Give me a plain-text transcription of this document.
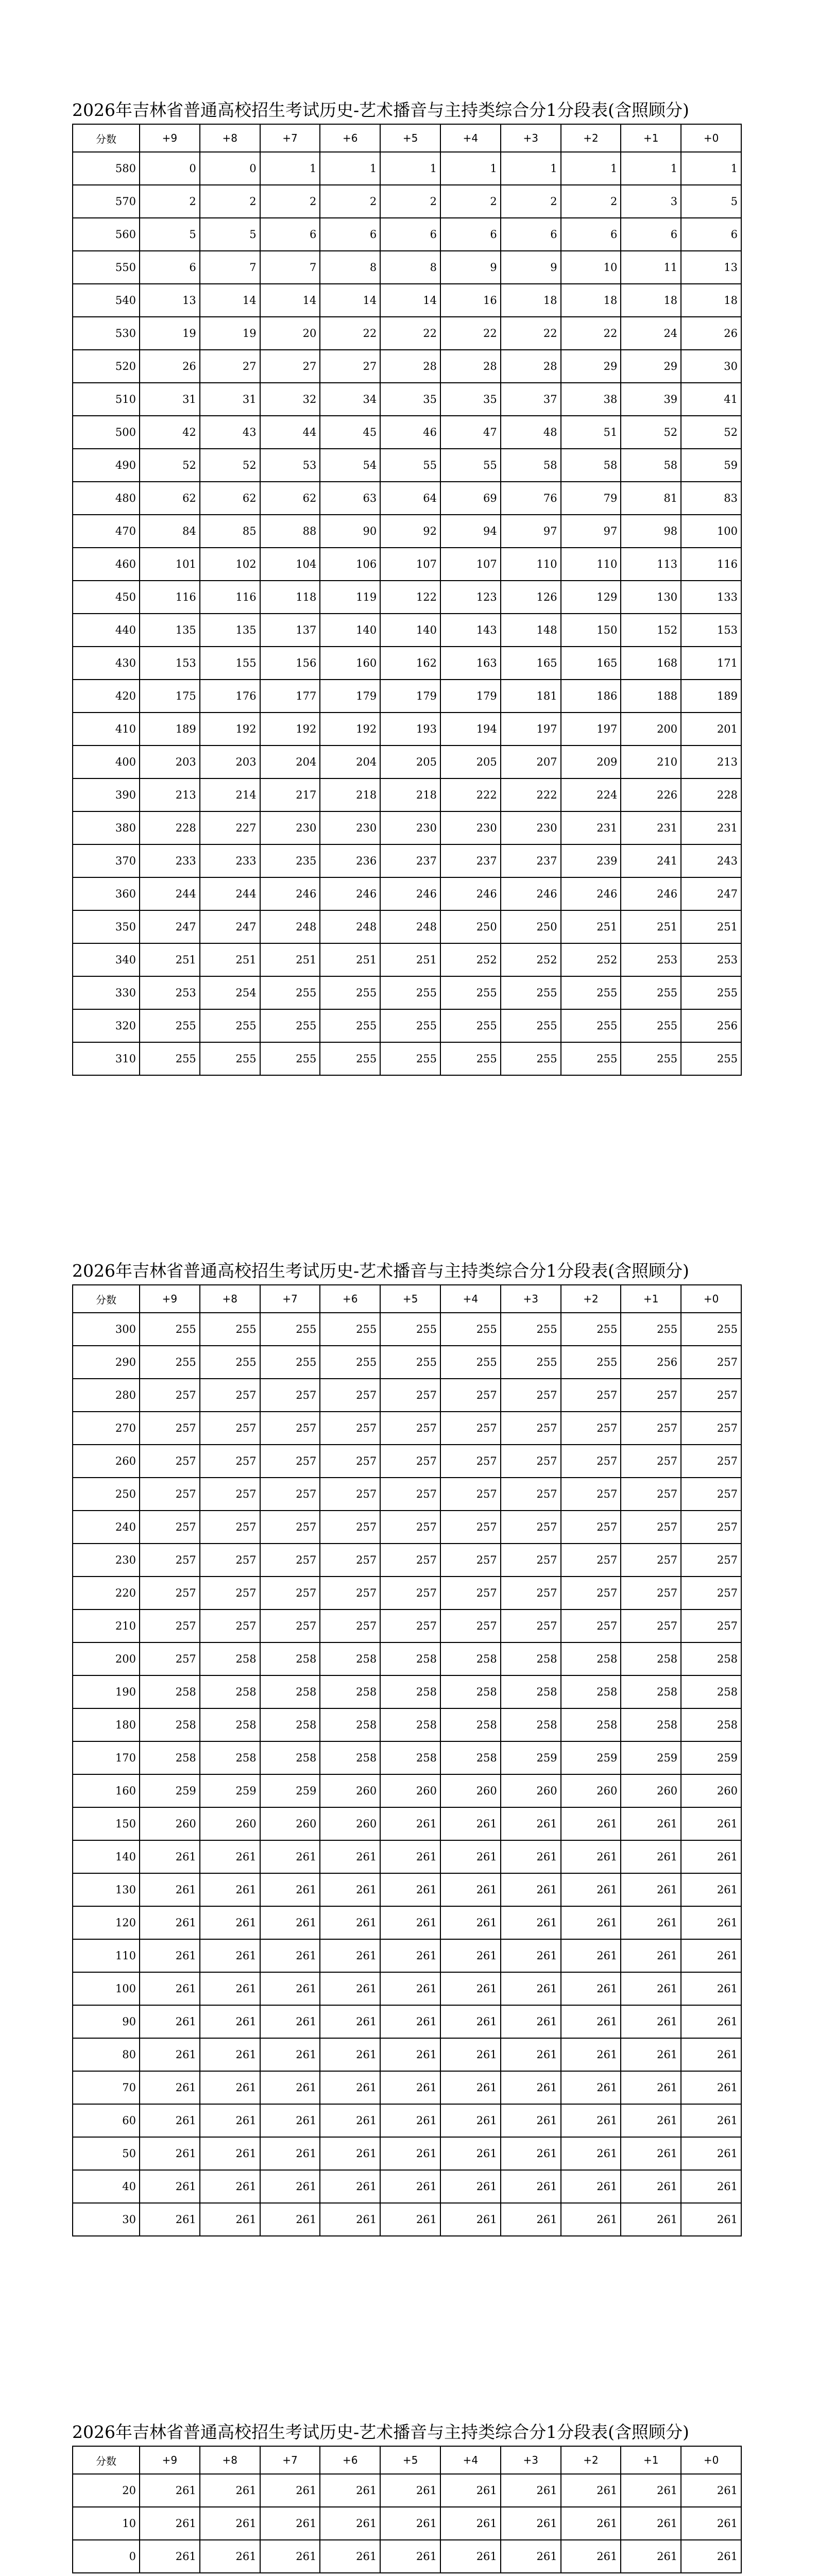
2026年吉林省普通高校招生考试历史-艺术播音与主持类综合分1分段表(含照顾分)
分数	+9	+8	+7	+6	+5	+4	+3	+2	+1	+0
580	0	0	1	1	1	1	1	1	1	1
570	2	2	2	2	2	2	2	2	3	5
560	5	5	6	6	6	6	6	6	6	6
550	6	7	7	8	8	9	9	10	11	13
540	13	14	14	14	14	16	18	18	18	18
530	19	19	20	22	22	22	22	22	24	26
520	26	27	27	27	28	28	28	29	29	30
510	31	31	32	34	35	35	37	38	39	41
500	42	43	44	45	46	47	48	51	52	52
490	52	52	53	54	55	55	58	58	58	59
480	62	62	62	63	64	69	76	79	81	83
470	84	85	88	90	92	94	97	97	98	100
460	101	102	104	106	107	107	110	110	113	116
450	116	116	118	119	122	123	126	129	130	133
440	135	135	137	140	140	143	148	150	152	153
430	153	155	156	160	162	163	165	165	168	171
420	175	176	177	179	179	179	181	186	188	189
410	189	192	192	192	193	194	197	197	200	201
400	203	203	204	204	205	205	207	209	210	213
390	213	214	217	218	218	222	222	224	226	228
380	228	227	230	230	230	230	230	231	231	231
370	233	233	235	236	237	237	237	239	241	243
360	244	244	246	246	246	246	246	246	246	247
350	247	247	248	248	248	250	250	251	251	251
340	251	251	251	251	251	252	252	252	253	253
330	253	254	255	255	255	255	255	255	255	255
320	255	255	255	255	255	255	255	255	255	256
310	255	255	255	255	255	255	255	255	255	255
2026年吉林省普通高校招生考试历史-艺术播音与主持类综合分1分段表(含照顾分)
分数	+9	+8	+7	+6	+5	+4	+3	+2	+1	+0
300	255	255	255	255	255	255	255	255	255	255
290	255	255	255	255	255	255	255	255	256	257
280	257	257	257	257	257	257	257	257	257	257
270	257	257	257	257	257	257	257	257	257	257
260	257	257	257	257	257	257	257	257	257	257
250	257	257	257	257	257	257	257	257	257	257
240	257	257	257	257	257	257	257	257	257	257
230	257	257	257	257	257	257	257	257	257	257
220	257	257	257	257	257	257	257	257	257	257
210	257	257	257	257	257	257	257	257	257	257
200	257	258	258	258	258	258	258	258	258	258
190	258	258	258	258	258	258	258	258	258	258
180	258	258	258	258	258	258	258	258	258	258
170	258	258	258	258	258	258	259	259	259	259
160	259	259	259	260	260	260	260	260	260	260
150	260	260	260	260	261	261	261	261	261	261
140	261	261	261	261	261	261	261	261	261	261
130	261	261	261	261	261	261	261	261	261	261
120	261	261	261	261	261	261	261	261	261	261
110	261	261	261	261	261	261	261	261	261	261
100	261	261	261	261	261	261	261	261	261	261
90	261	261	261	261	261	261	261	261	261	261
80	261	261	261	261	261	261	261	261	261	261
70	261	261	261	261	261	261	261	261	261	261
60	261	261	261	261	261	261	261	261	261	261
50	261	261	261	261	261	261	261	261	261	261
40	261	261	261	261	261	261	261	261	261	261
30	261	261	261	261	261	261	261	261	261	261
2026年吉林省普通高校招生考试历史-艺术播音与主持类综合分1分段表(含照顾分)
分数	+9	+8	+7	+6	+5	+4	+3	+2	+1	+0
20	261	261	261	261	261	261	261	261	261	261
10	261	261	261	261	261	261	261	261	261	261
0	261	261	261	261	261	261	261	261	261	261
